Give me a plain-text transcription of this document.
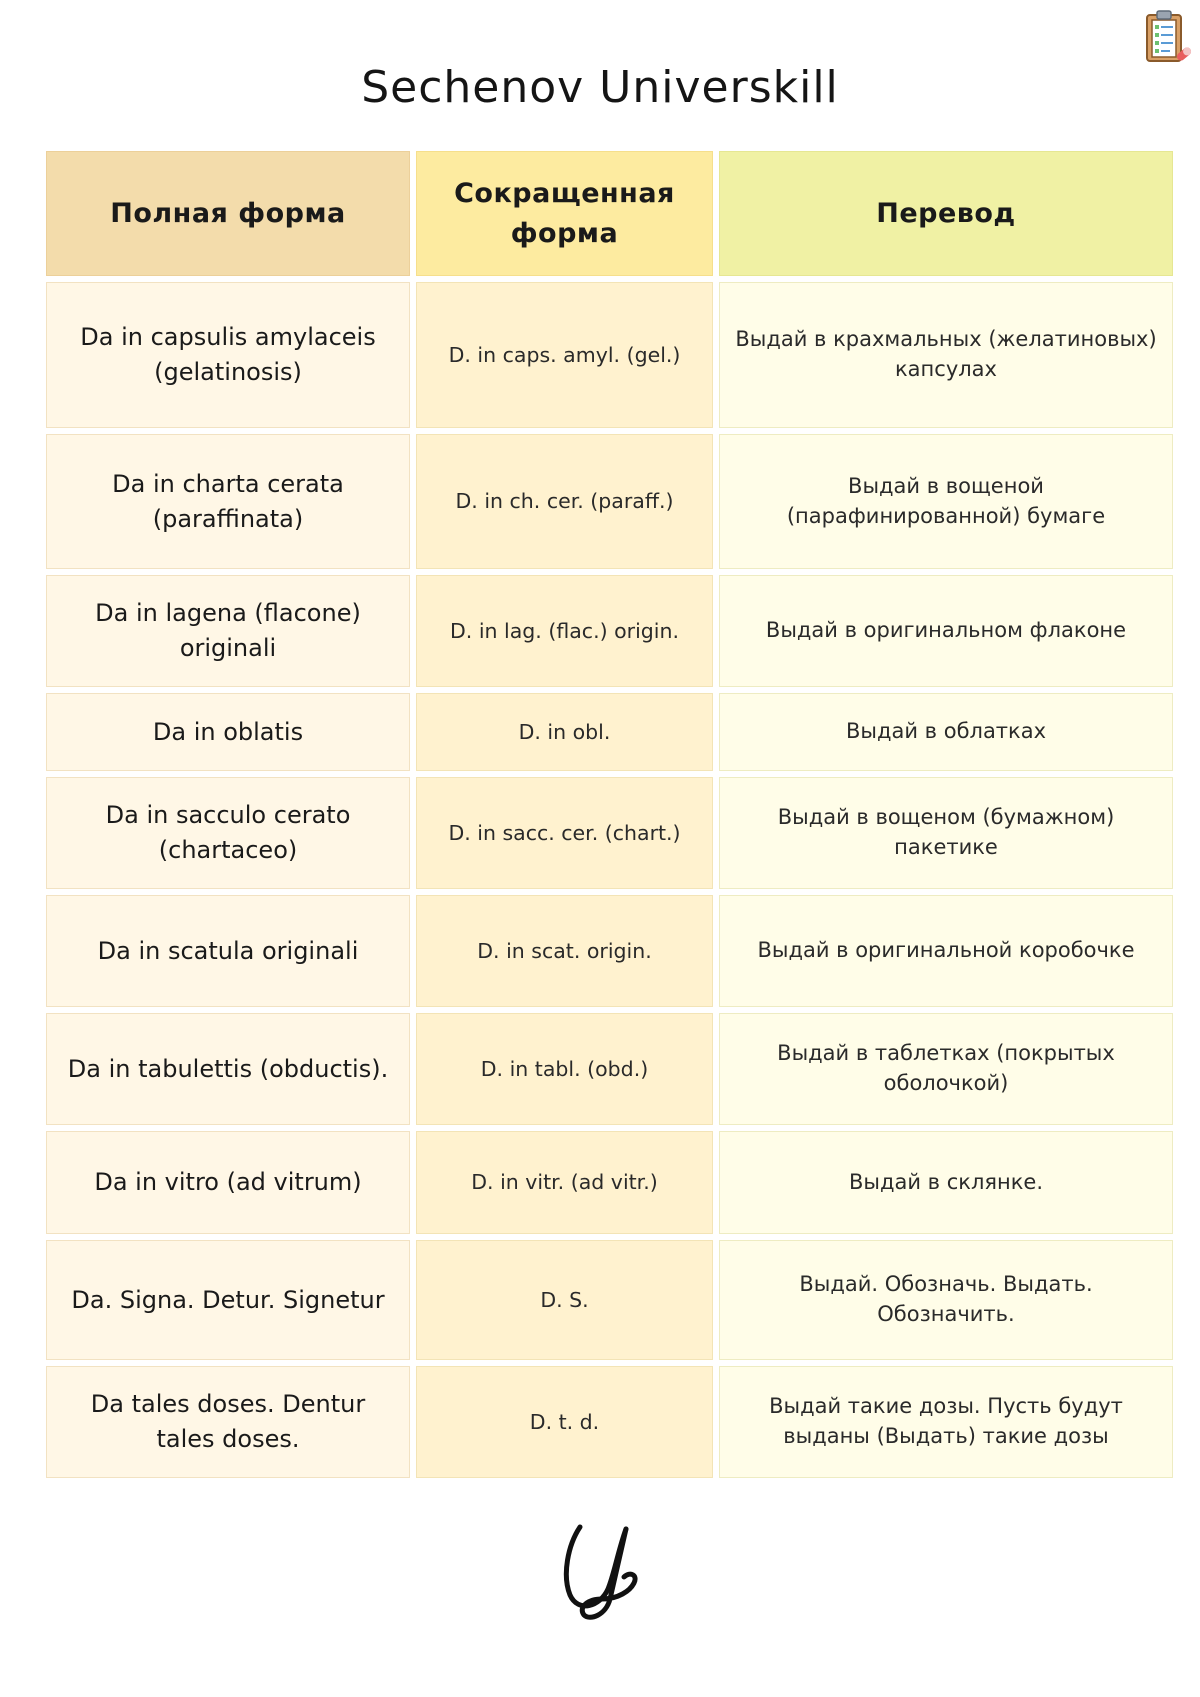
Sechenov Universkill
Полная форма	Сокращенная форма	Перевод
Da in capsulis amylaceis (gelatinosis)	D. in caps. amyl. (gel.)	Выдай в крахмальных (желатиновых) капсулах
Da in charta cerata (paraffinata)	D. in ch. cer. (paraff.)	Выдай в вощеной (парафинированной) бумаге
Da in lagena (flacone) originali	D. in lag. (flac.) origin.	Выдай в оригинальном флаконе
Da in oblatis	D. in obl.	Выдай в облатках
Da in sacculo cerato (chartaceo)	D. in sacc. cer. (chart.)	Выдай в вощеном (бумажном) пакетике
Da in scatula originali	D. in scat. origin.	Выдай в оригинальной коробочке
Da in tabulettis (obductis).	D. in tabl. (obd.)	Выдай в таблетках (покрытых оболочкой)
Da in vitro (ad vitrum)	D. in vitr. (ad vitr.)	Выдай в склянке.
Da. Signa. Detur. Signetur	D. S.	Выдай. Обозначь. Выдать. Обозначить.
Da tales doses. Dentur tales doses.	D. t. d.	Выдай такие дозы. Пусть будут выданы (Выдать) такие дозы
